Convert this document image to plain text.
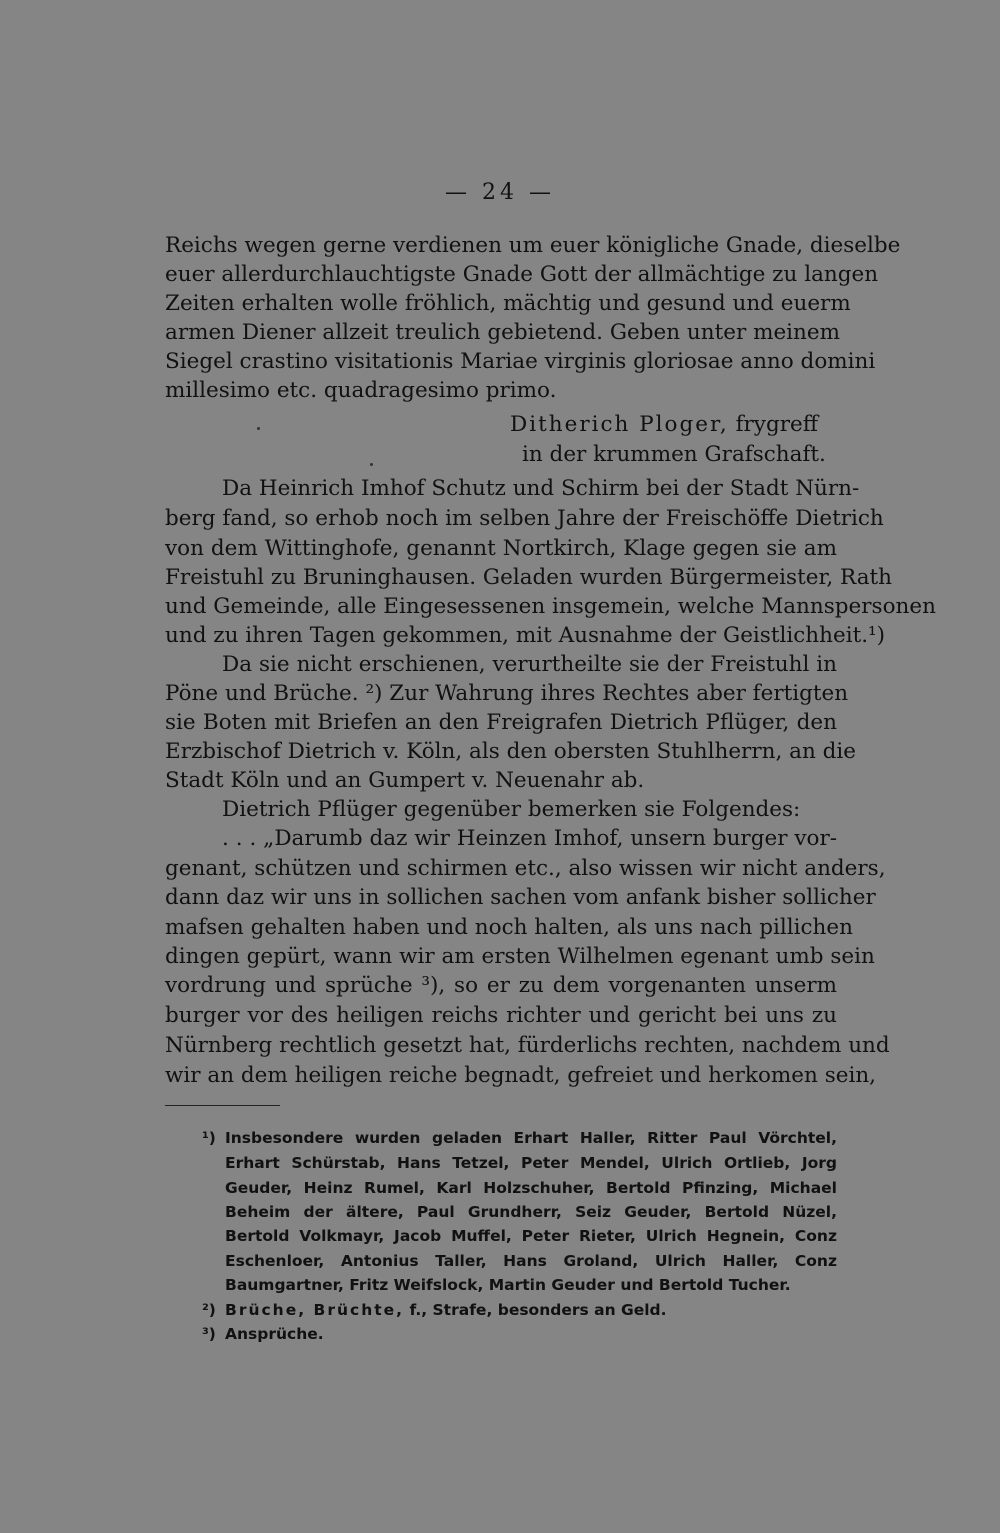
— 24 —
Reichs wegen gerne verdienen um euer königliche Gnade, dieselbe
euer allerdurchlauchtigste Gnade Gott der allmächtige zu langen
Zeiten erhalten wolle fröhlich, mächtig und gesund und euerm
armen Diener allzeit treulich gebietend. Geben unter meinem
Siegel crastino visitationis Mariae virginis gloriosae anno domini
millesimo etc. quadragesimo primo.
Ditherich Ploger, frygreff
in der krummen Grafschaft.
Da Heinrich Imhof Schutz und Schirm bei der Stadt Nürn-
berg fand, so erhob noch im selben Jahre der Freischöffe Dietrich
von dem Wittinghofe, genannt Nortkirch, Klage gegen sie am
Freistuhl zu Bruninghausen. Geladen wurden Bürgermeister, Rath
und Gemeinde, alle Eingesessenen insgemein, welche Mannspersonen
und zu ihren Tagen gekommen, mit Ausnahme der Geistlichheit.¹)
Da sie nicht erschienen, verurtheilte sie der Freistuhl in
Pöne und Brüche. ²) Zur Wahrung ihres Rechtes aber fertigten
sie Boten mit Briefen an den Freigrafen Dietrich Pflüger, den
Erzbischof Dietrich v. Köln, als den obersten Stuhlherrn, an die
Stadt Köln und an Gumpert v. Neuenahr ab.
Dietrich Pflüger gegenüber bemerken sie Folgendes:
. . . „Darumb daz wir Heinzen Imhof, unsern burger vor-
genant, schützen und schirmen etc., also wissen wir nicht anders,
dann daz wir uns in sollichen sachen vom anfank bisher sollicher
mafsen gehalten haben und noch halten, als uns nach pillichen
dingen gepürt, wann wir am ersten Wilhelmen egenant umb sein
vordrung und sprüche ³), so er zu dem vorgenanten unserm
burger vor des heiligen reichs richter und gericht bei uns zu
Nürnberg rechtlich gesetzt hat, fürderlichs rechten, nachdem und
wir an dem heiligen reiche begnadt, gefreiet und herkomen sein,
¹) Insbesondere wurden geladen Erhart Haller, Ritter Paul Vörchtel,
Erhart Schürstab, Hans Tetzel, Peter Mendel, Ulrich Ortlieb, Jorg
Geuder, Heinz Rumel, Karl Holzschuher, Bertold Pfinzing, Michael
Beheim der ältere, Paul Grundherr, Seiz Geuder, Bertold Nüzel,
Bertold Volkmayr, Jacob Muffel, Peter Rieter, Ulrich Hegnein, Conz
Eschenloer, Antonius Taller, Hans Groland, Ulrich Haller, Conz
Baumgartner, Fritz Weifslock, Martin Geuder und Bertold Tucher.
²) Brüche, Brüchte, f., Strafe, besonders an Geld.
³) Ansprüche.
